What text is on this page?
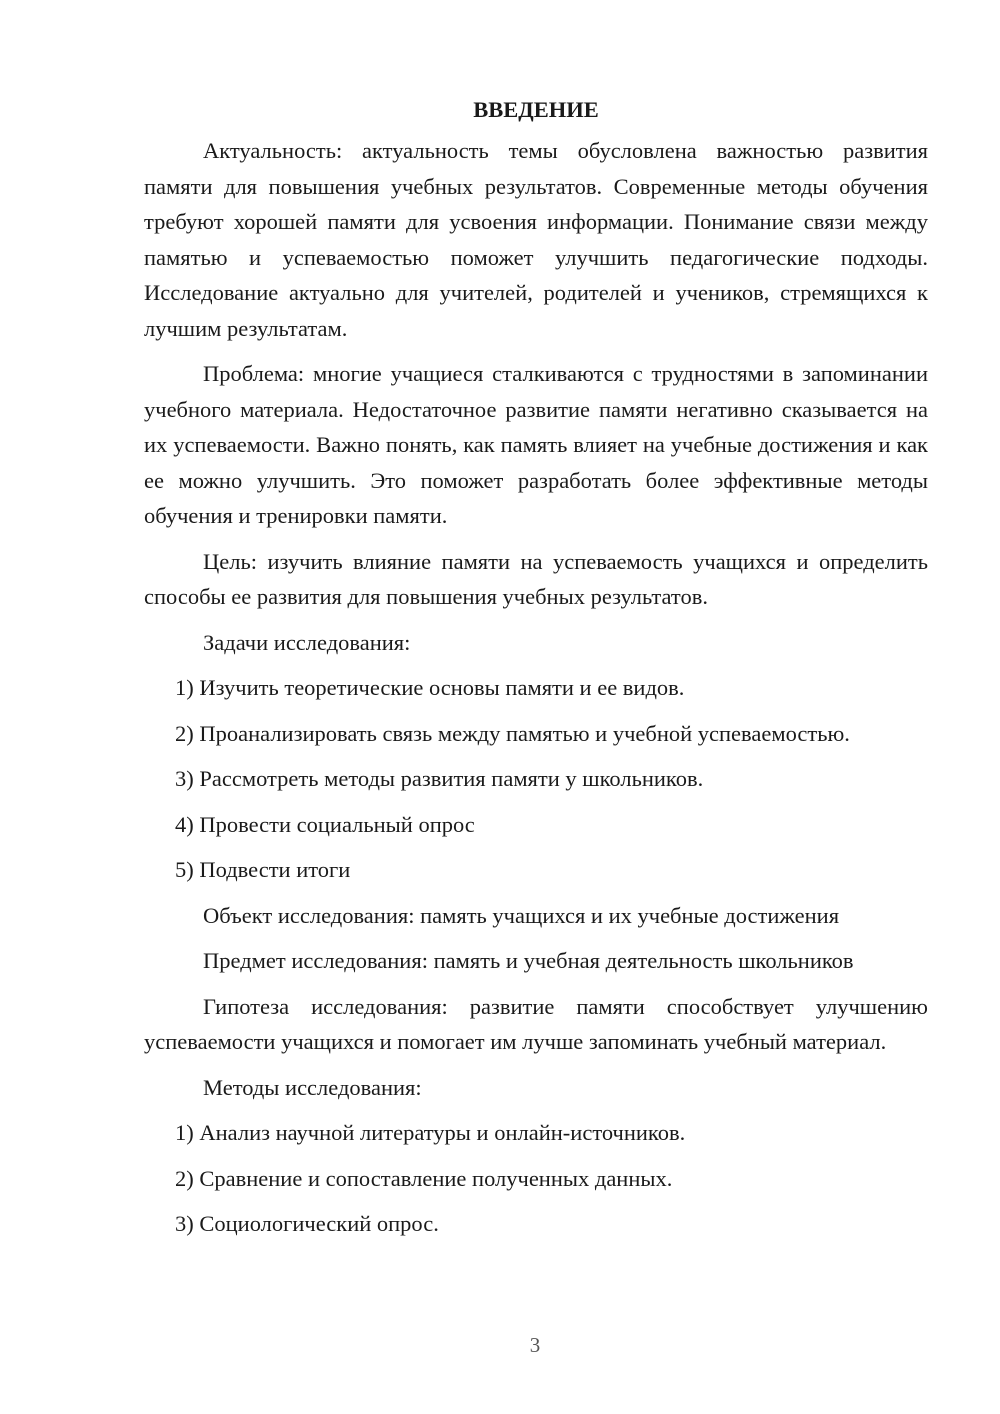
ВВЕДЕНИЕ

Актуальность: актуальность темы обусловлена важностью развития памяти для повышения учебных результатов. Современные методы обучения требуют хорошей памяти для усвоения информации. Понимание связи между памятью и успеваемостью поможет улучшить педагогические подходы. Исследование актуально для учителей, родителей и учеников, стремящихся к лучшим результатам.

Проблема: многие учащиеся сталкиваются с трудностями в запоминании учебного материала. Недостаточное развитие памяти негативно сказывается на их успеваемости. Важно понять, как память влияет на учебные достижения и как ее можно улучшить. Это поможет разработать более эффективные методы обучения и тренировки памяти.

Цель: изучить влияние памяти на успеваемость учащихся и определить способы ее развития для повышения учебных результатов.

Задачи исследования:

1) Изучить теоретические основы памяти и ее видов.

2) Проанализировать связь между памятью и учебной успеваемостью.

3) Рассмотреть методы развития памяти у школьников.

4) Провести социальный опрос

5) Подвести итоги

Объект исследования: память учащихся и их учебные достижения

Предмет исследования: память и учебная деятельность школьников

Гипотеза исследования: развитие памяти способствует улучшению успеваемости учащихся и помогает им лучше запоминать учебный материал.

Методы исследования:

1) Анализ научной литературы и онлайн-источников.

2) Сравнение и сопоставление полученных данных.

3) Социологический опрос.

3
